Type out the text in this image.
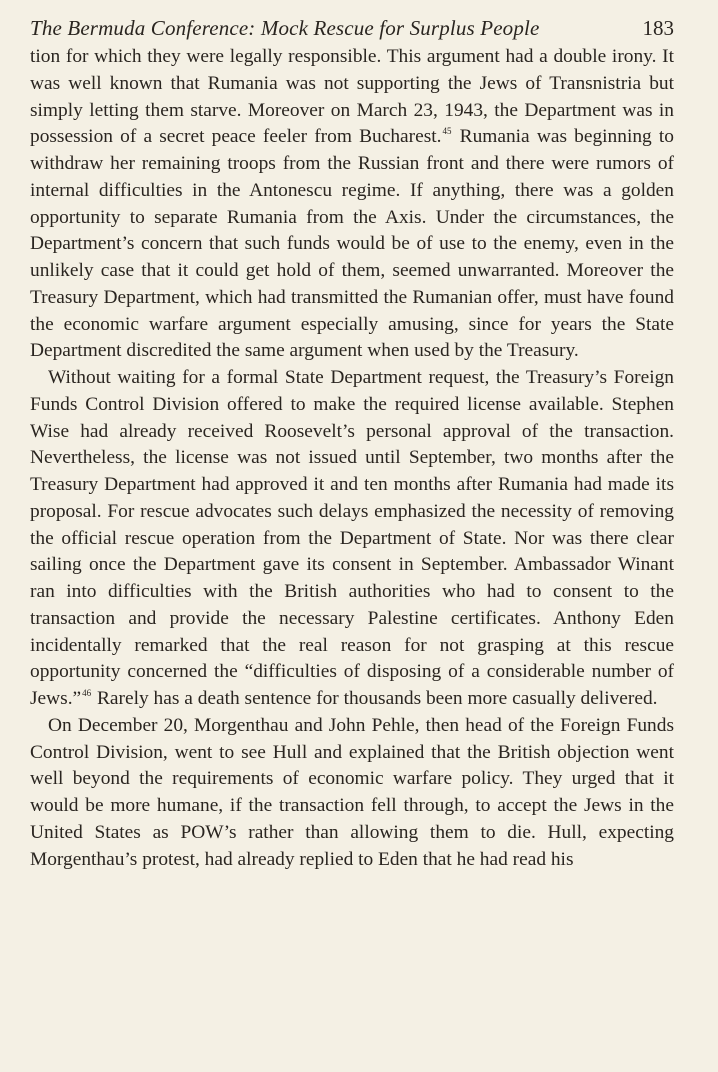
The Bermuda Conference: Mock Rescue for Surplus People	183

tion for which they were legally responsible. This argument had a double irony. It was well known that Rumania was not supporting the Jews of Transnistria but simply letting them starve. Moreover on March 23, 1943, the Department was in possession of a secret peace feeler from Bucharest.$^{45}$ Rumania was beginning to withdraw her remaining troops from the Russian front and there were rumors of internal difficulties in the Antonescu regime. If anything, there was a golden opportunity to separate Rumania from the Axis. Under the circumstances, the Department’s concern that such funds would be of use to the enemy, even in the unlikely case that it could get hold of them, seemed unwarranted. Moreover the Treasury Department, which had transmitted the Rumanian offer, must have found the economic warfare argument especially amusing, since for years the State Department discredited the same argument when used by the Treasury.

Without waiting for a formal State Department request, the Treasury’s Foreign Funds Control Division offered to make the required license available. Stephen Wise had already received Roosevelt’s personal approval of the transaction. Nevertheless, the license was not issued until September, two months after the Treasury Department had approved it and ten months after Rumania had made its proposal. For rescue advocates such delays emphasized the necessity of removing the official rescue operation from the Department of State. Nor was there clear sailing once the Department gave its consent in September. Ambassador Winant ran into difficulties with the British authorities who had to consent to the transaction and provide the necessary Palestine certificates. Anthony Eden incidentally remarked that the real reason for not grasping at this rescue opportunity concerned the “difficulties of disposing of a considerable number of Jews.”$^{46}$ Rarely has a death sentence for thousands been more casually delivered.

On December 20, Morgenthau and John Pehle, then head of the Foreign Funds Control Division, went to see Hull and explained that the British objection went well beyond the requirements of economic warfare policy. They urged that it would be more humane, if the transaction fell through, to accept the Jews in the United States as POW’s rather than allowing them to die. Hull, expecting Morgenthau’s protest, had already replied to Eden that he had read his
